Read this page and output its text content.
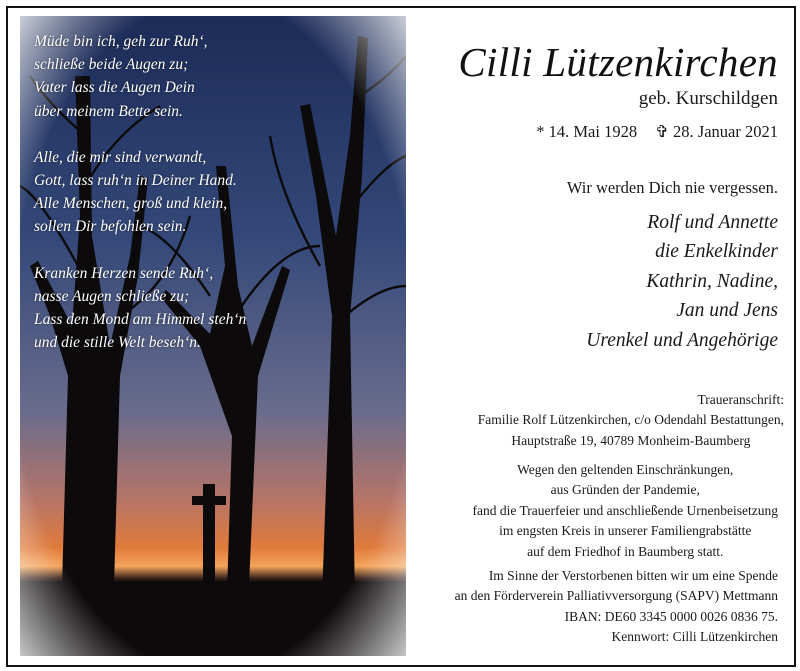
Müde bin ich, geh zur Ruh‘,
schließe beide Augen zu;
Vater lass die Augen Dein
über meinem Bette sein.
Alle, die mir sind verwandt,
Gott, lass ruh‘n in Deiner Hand.
Alle Menschen, groß und klein,
sollen Dir befohlen sein.
Kranken Herzen sende Ruh‘,
nasse Augen schließe zu;
Lass den Mond am Himmel steh‘n
und die stille Welt beseh‘n.
Cilli Lützenkirchen
geb. Kurschildgen
* 14. Mai 1928 ✞ 28. Januar 2021
Wir werden Dich nie vergessen.
Rolf und Annette
die Enkelkinder
Kathrin, Nadine,
Jan und Jens
Urenkel und Angehörige
Traueranschrift:
Familie Rolf Lützenkirchen, c/o Odendahl Bestattungen,
Hauptstraße 19, 40789 Monheim-Baumberg
Wegen den geltenden Einschränkungen,
aus Gründen der Pandemie,
fand die Trauerfeier und anschließende Urnenbeisetzung
im engsten Kreis in unserer Familiengrabstätte
auf dem Friedhof in Baumberg statt.
Im Sinne der Verstorbenen bitten wir um eine Spende
an den Förderverein Palliativversorgung (SAPV) Mettmann
IBAN: DE60 3345 0000 0026 0836 75.
Kennwort: Cilli Lützenkirchen
